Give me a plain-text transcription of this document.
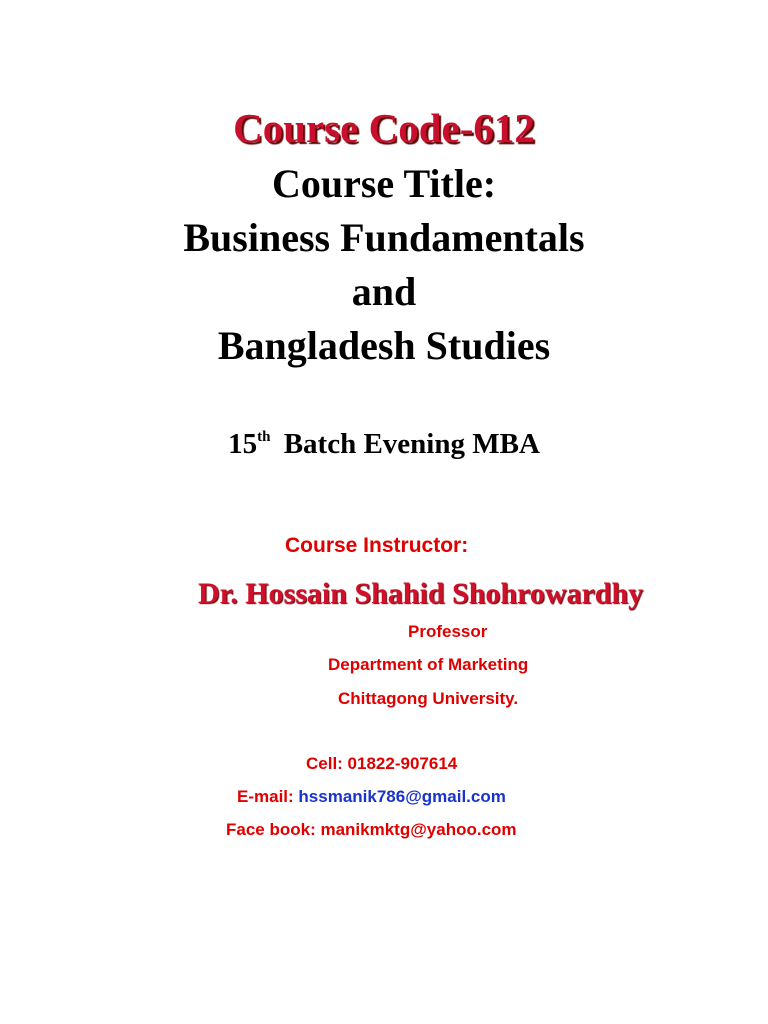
Course Code-612
Course Title:
Business Fundamentals
and
Bangladesh Studies
15th Batch Evening MBA
Course Instructor:
Dr. Hossain Shahid Shohrowardhy
Professor
Department of Marketing
Chittagong University.
Cell: 01822-907614
E-mail: hssmanik786@gmail.com
Face book: manikmktg@yahoo.com
